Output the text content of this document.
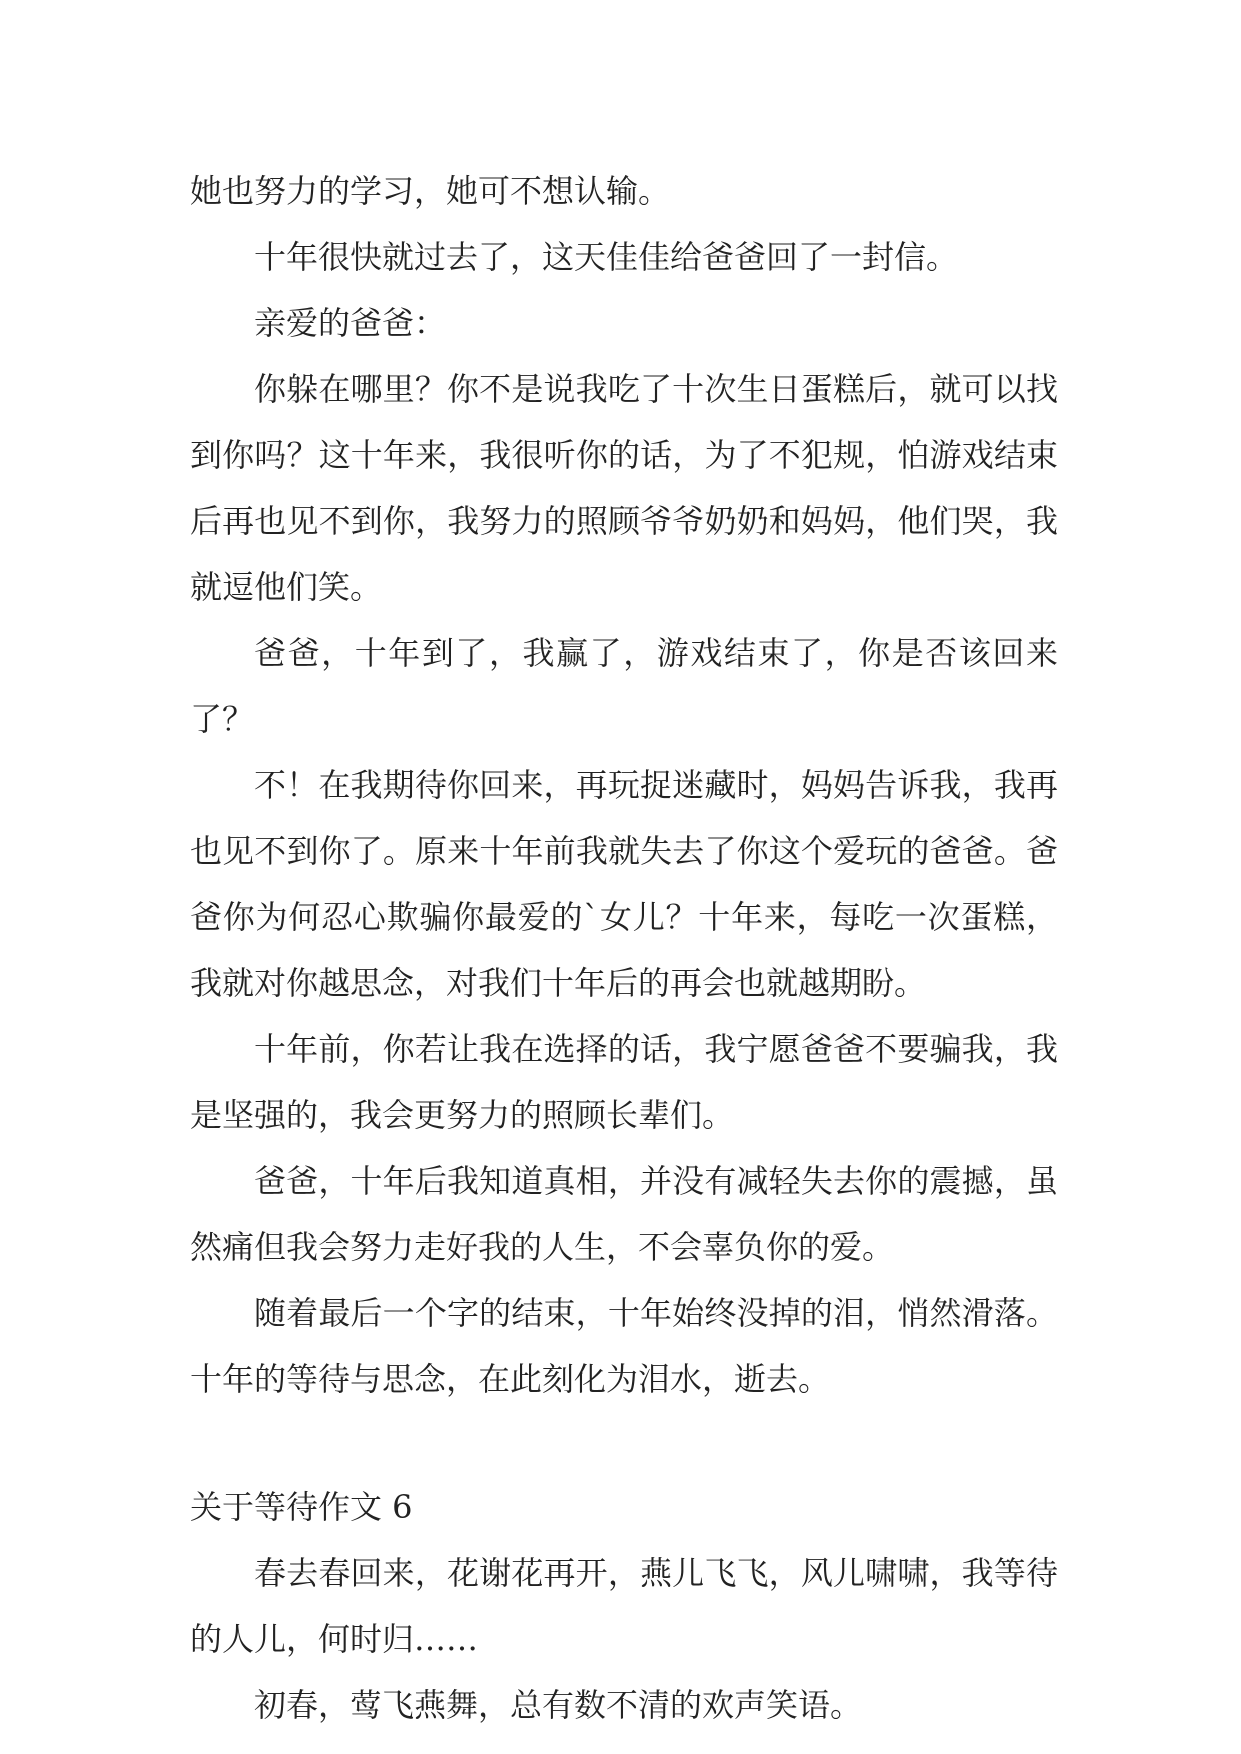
她也努力的学习，她可不想认输。

十年很快就过去了，这天佳佳给爸爸回了一封信。

亲爱的爸爸：

你躲在哪里？你不是说我吃了十次生日蛋糕后，就可以找到你吗？这十年来，我很听你的话，为了不犯规，怕游戏结束后再也见不到你，我努力的照顾爷爷奶奶和妈妈，他们哭，我就逗他们笑。

爸爸，十年到了，我赢了，游戏结束了，你是否该回来了？

不！在我期待你回来，再玩捉迷藏时，妈妈告诉我，我再也见不到你了。原来十年前我就失去了你这个爱玩的爸爸。爸爸你为何忍心欺骗你最爱的`女儿？十年来，每吃一次蛋糕，我就对你越思念，对我们十年后的再会也就越期盼。

十年前，你若让我在选择的话，我宁愿爸爸不要骗我，我是坚强的，我会更努力的照顾长辈们。

爸爸，十年后我知道真相，并没有减轻失去你的震撼，虽然痛但我会努力走好我的人生，不会辜负你的爱。

随着最后一个字的结束，十年始终没掉的泪，悄然滑落。十年的等待与思念，在此刻化为泪水，逝去。

关于等待作文 6

春去春回来，花谢花再开，燕儿飞飞，风儿啸啸，我等待的人儿，何时归……

初春，莺飞燕舞，总有数不清的欢声笑语。
